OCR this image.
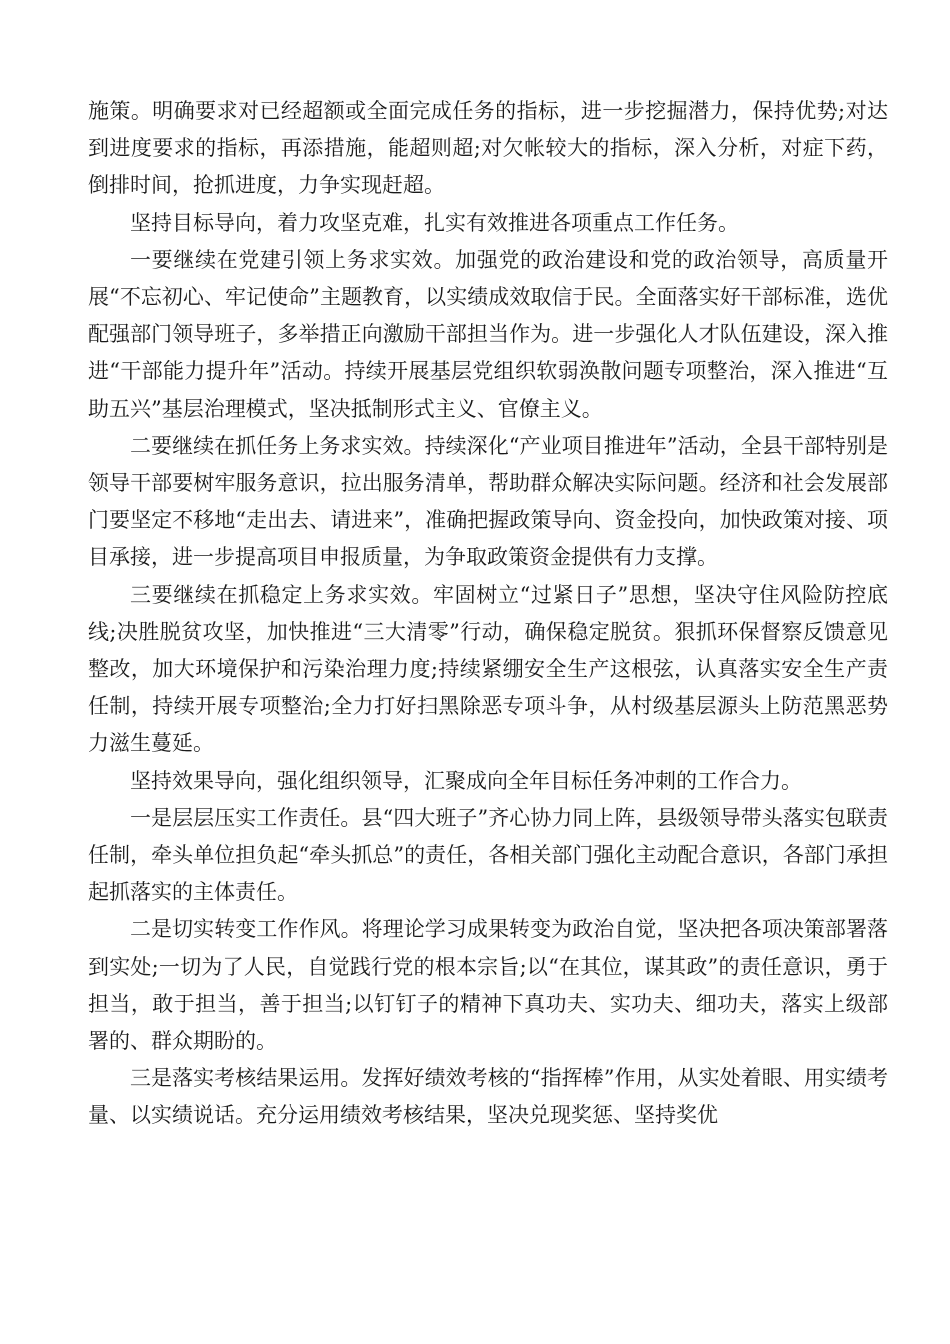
施策。明确要求对已经超额或全面完成任务的指标，进一步挖掘潜力，保持优势;对达到进度要求的指标，再添措施，能超则超;对欠帐较大的指标，深入分析，对症下药，倒排时间，抢抓进度，力争实现赶超。

坚持目标导向，着力攻坚克难，扎实有效推进各项重点工作任务。

一要继续在党建引领上务求实效。加强党的政治建设和党的政治领导，高质量开展“不忘初心、牢记使命”主题教育，以实绩成效取信于民。全面落实好干部标准，选优配强部门领导班子，多举措正向激励干部担当作为。进一步强化人才队伍建设，深入推进“干部能力提升年”活动。持续开展基层党组织软弱涣散问题专项整治，深入推进“互助五兴”基层治理模式，坚决抵制形式主义、官僚主义。

二要继续在抓任务上务求实效。持续深化“产业项目推进年”活动，全县干部特别是领导干部要树牢服务意识，拉出服务清单，帮助群众解决实际问题。经济和社会发展部门要坚定不移地“走出去、请进来”，准确把握政策导向、资金投向，加快政策对接、项目承接，进一步提高项目申报质量，为争取政策资金提供有力支撑。

三要继续在抓稳定上务求实效。牢固树立“过紧日子”思想，坚决守住风险防控底线;决胜脱贫攻坚，加快推进“三大清零”行动，确保稳定脱贫。狠抓环保督察反馈意见整改，加大环境保护和污染治理力度;持续紧绷安全生产这根弦，认真落实安全生产责任制，持续开展专项整治;全力打好扫黑除恶专项斗争，从村级基层源头上防范黑恶势力滋生蔓延。

坚持效果导向，强化组织领导，汇聚成向全年目标任务冲刺的工作合力。

一是层层压实工作责任。县“四大班子”齐心协力同上阵，县级领导带头落实包联责任制，牵头单位担负起“牵头抓总”的责任，各相关部门强化主动配合意识，各部门承担起抓落实的主体责任。

二是切实转变工作作风。将理论学习成果转变为政治自觉，坚决把各项决策部署落到实处;一切为了人民，自觉践行党的根本宗旨;以“在其位，谋其政”的责任意识，勇于担当，敢于担当，善于担当;以钉钉子的精神下真功夫、实功夫、细功夫，落实上级部署的、群众期盼的。

三是落实考核结果运用。发挥好绩效考核的“指挥棒”作用，从实处着眼、用实绩考量、以实绩说话。充分运用绩效考核结果，坚决兑现奖惩、坚持奖优
